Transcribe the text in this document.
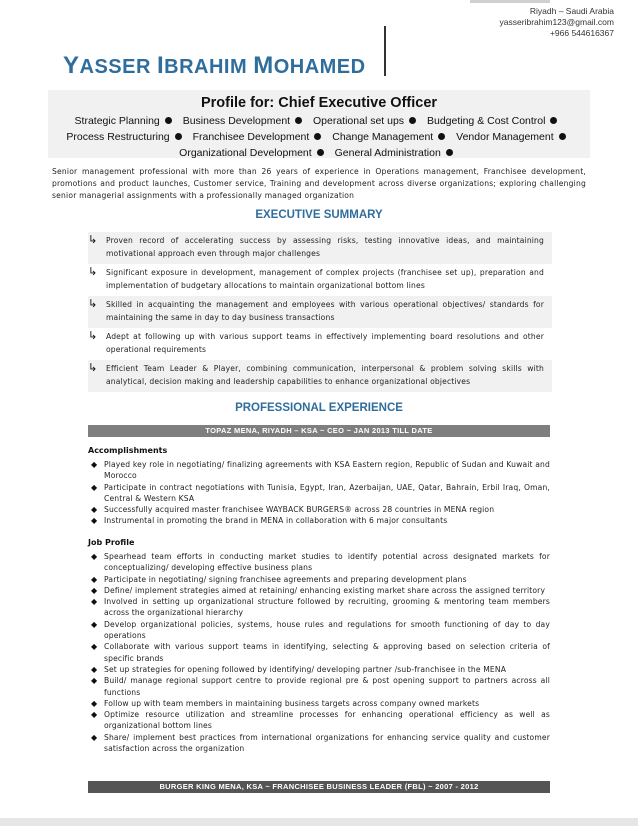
Riyadh – Saudi Arabia
yasseribrahim123@gmail.com
+966 544616367
YASSER IBRAHIM MOHAMED
Profile for: Chief Executive Officer
Strategic Planning Business Development Operational set ups Budgeting & Cost Control Process Restructuring Franchisee Development Change Management Vendor Management Organizational Development General Administration
Senior management professional with more than 26 years of experience in Operations management, Franchisee development, promotions and product launches, Customer service, Training and development across diverse organizations; exploring challenging senior managerial assignments with a professionally managed organization
EXECUTIVE SUMMARY
↳ Proven record of accelerating success by assessing risks, testing innovative ideas, and maintaining motivational approach even through major challenges
↳ Significant exposure in development, management of complex projects (franchisee set up), preparation and implementation of budgetary allocations to maintain organizational bottom lines
↳ Skilled in acquainting the management and employees with various operational objectives/ standards for maintaining the same in day to day business transactions
↳ Adept at following up with various support teams in effectively implementing board resolutions and other operational requirements
↳ Efficient Team Leader & Player, combining communication, interpersonal & problem solving skills with analytical, decision making and leadership capabilities to enhance organizational objectives
PROFESSIONAL EXPERIENCE
TOPAZ MENA, RIYADH – KSA ~ CEO ~ JAN 2013 TILL DATE
Accomplishments
◆ Played key role in negotiating/ finalizing agreements with KSA Eastern region, Republic of Sudan and Kuwait and Morocco
◆ Participate in contract negotiations with Tunisia, Egypt, Iran, Azerbaijan, UAE, Qatar, Bahrain, Erbil Iraq, Oman, Central & Western KSA
◆ Successfully acquired master franchisee WAYBACK BURGERS® across 28 countries in MENA region
◆ Instrumental in promoting the brand in MENA in collaboration with 6 major consultants
Job Profile
◆ Spearhead team efforts in conducting market studies to identify potential across designated markets for conceptualizing/ developing effective business plans
◆ Participate in negotiating/ signing franchisee agreements and preparing development plans
◆ Define/ implement strategies aimed at retaining/ enhancing existing market share across the assigned territory
◆ Involved in setting up organizational structure followed by recruiting, grooming & mentoring team members across the organizational hierarchy
◆ Develop organizational policies, systems, house rules and regulations for smooth functioning of day to day operations
◆ Collaborate with various support teams in identifying, selecting & approving based on selection criteria of specific brands
◆ Set up strategies for opening followed by identifying/ developing partner /sub-franchisee in the MENA
◆ Build/ manage regional support centre to provide regional pre & post opening support to partners across all functions
◆ Follow up with team members in maintaining business targets across company owned markets
◆ Optimize resource utilization and streamline processes for enhancing operational efficiency as well as organizational bottom lines
◆ Share/ implement best practices from international organizations for enhancing service quality and customer satisfaction across the organization
BURGER KING MENA, KSA ~ FRANCHISEE BUSINESS LEADER (FBL) ~ 2007 - 2012
